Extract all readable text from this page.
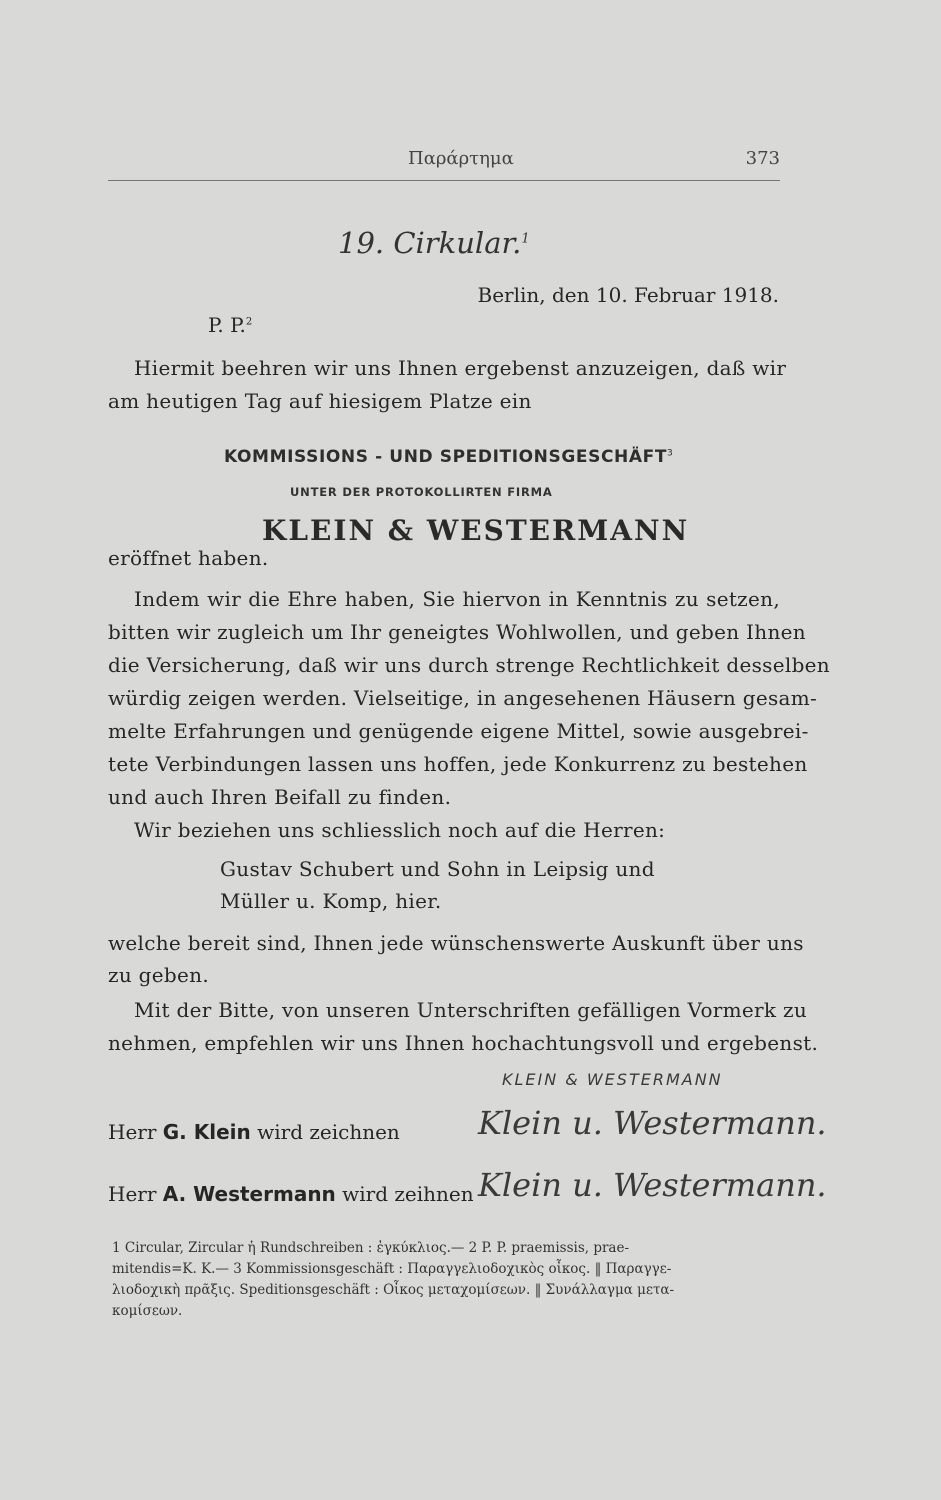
Παράρτημα	373
19. Cirkular.$^1$
Berlin, den 10. Februar 1918.
P. P.$^2$
Hiermit beehren wir uns Ihnen ergebenst anzuzeigen, daß wir
am heutigen Tag auf hiesigem Platze ein
KOMMISSIONS - UND SPEDITIONSGESCHÄFT$^3$
UNTER DER PROTOKOLLIRTEN FIRMA
KLEIN & WESTERMANN
eröffnet haben.
Indem wir die Ehre haben, Sie hiervon in Kenntnis zu setzen,
bitten wir zugleich um Ihr geneigtes Wohlwollen, und geben Ihnen
die Versicherung, daß wir uns durch strenge Rechtlichkeit desselben
würdig zeigen werden. Vielseitige, in angesehenen Häusern gesam-
melte Erfahrungen und genügende eigene Mittel, sowie ausgebrei-
tete Verbindungen lassen uns hoffen, jede Konkurrenz zu bestehen
und auch Ihren Beifall zu finden.
Wir beziehen uns schliesslich noch auf die Herren:
Gustav Schubert und Sohn in Leipsig und
Müller u. Komp, hier.
welche bereit sind, Ihnen jede wünschenswerte Auskunft über uns
zu geben.
Mit der Bitte, von unseren Unterschriften gefälligen Vormerk zu
nehmen, empfehlen wir uns Ihnen hochachtungsvoll und ergebenst.
KLEIN & WESTERMANN
Herr G. Klein wird zeichnen Klein u. Westermann.
Herr A. Westermann wird zeihnen Klein u. Westermann.
1 Circular, Zircular ἡ Rundschreiben : ἐγκύκλιος.— 2 P. P. praemissis, prae-
mitendis=K. K.— 3 Kommissionsgeschäft : Παραγγελιοδοχικὸς οἶκος. ‖ Παραγγε-
λιοδοχικὴ πρᾶξις. Speditionsgeschäft : Οἶκος μεταχομίσεων. ‖ Συνάλλαγμα μετα-
κομίσεων.
